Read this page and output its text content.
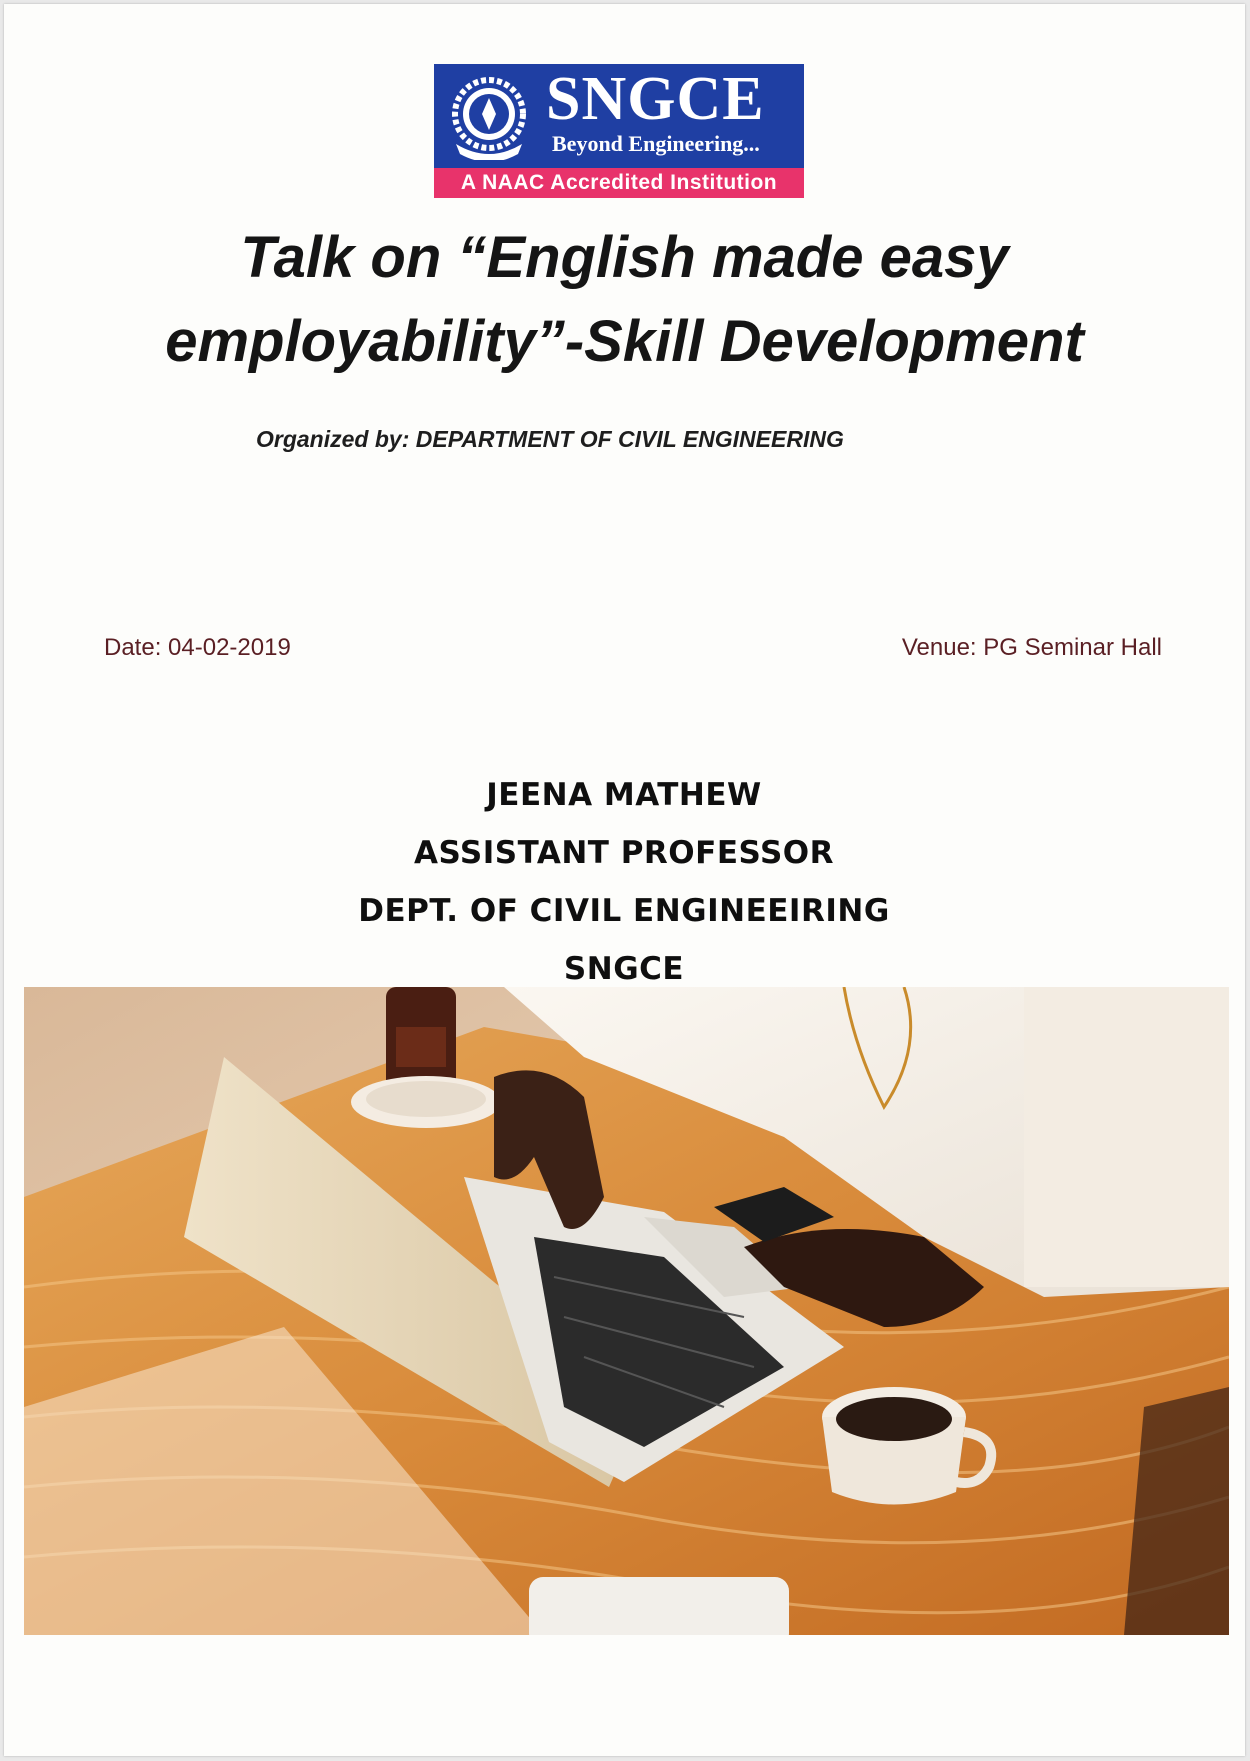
SNGCE
Beyond Engineering...
A NAAC Accredited Institution
Talk on “English made easy
employability”-Skill Development
Organized by: DEPARTMENT OF CIVIL ENGINEERING
Date: 04-02-2019	Venue: PG Seminar Hall
JEENA MATHEW
ASSISTANT PROFESSOR
DEPT. OF CIVIL ENGINEEIRING
SNGCE
